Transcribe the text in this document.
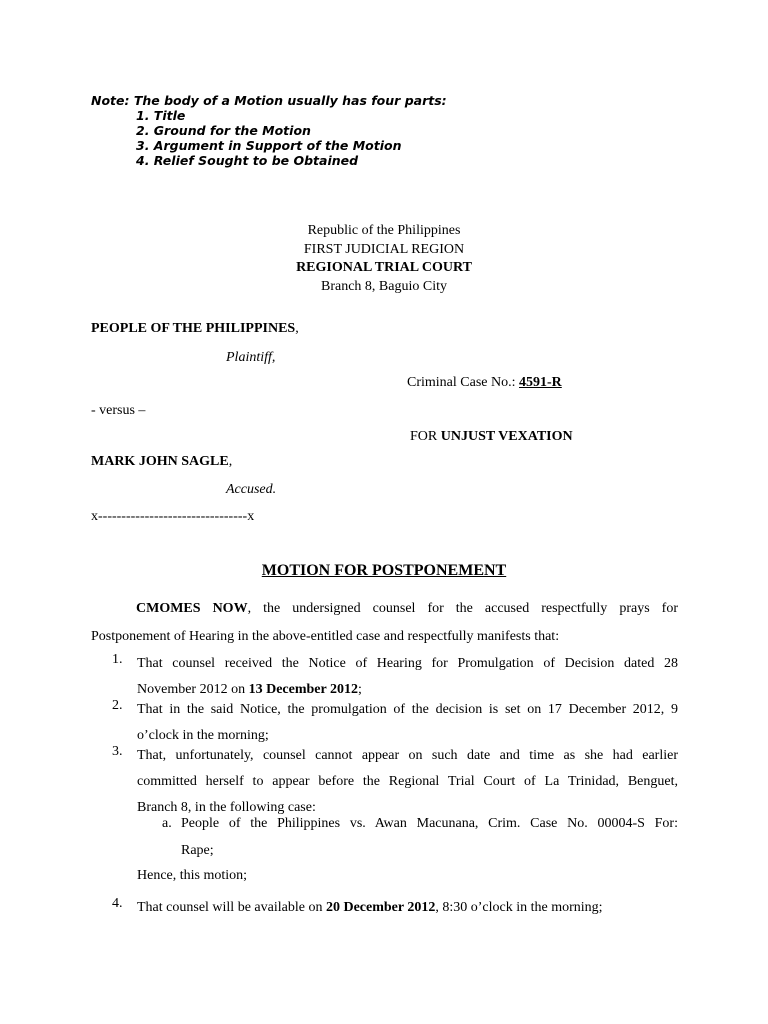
Note: The body of a Motion usually has four parts:
1. Title
2. Ground for the Motion
3. Argument in Support of the Motion
4. Relief Sought to be Obtained
Republic of the Philippines
FIRST JUDICIAL REGION
REGIONAL TRIAL COURT
Branch 8, Baguio City
PEOPLE OF THE PHILIPPINES,
Plaintiff,
Criminal Case No.: 4591-R
- versus –
FOR UNJUST VEXATION
MARK JOHN SAGLE,
Accused.
x--------------------------------x
MOTION FOR POSTPONEMENT
CMOMES NOW, the undersigned counsel for the accused respectfully prays for
Postponement of Hearing in the above-entitled case and respectfully manifests that:
1. That counsel received the Notice of Hearing for Promulgation of Decision dated 28
November 2012 on 13 December 2012;
2. That in the said Notice, the promulgation of the decision is set on 17 December 2012, 9
o’clock in the morning;
3. That, unfortunately, counsel cannot appear on such date and time as she had earlier
committed herself to appear before the Regional Trial Court of La Trinidad, Benguet,
Branch 8, in the following case:
a. People of the Philippines vs. Awan Macunana, Crim. Case No. 00004-S For:
Rape;
Hence, this motion;
4. That counsel will be available on 20 December 2012, 8:30 o’clock in the morning;
